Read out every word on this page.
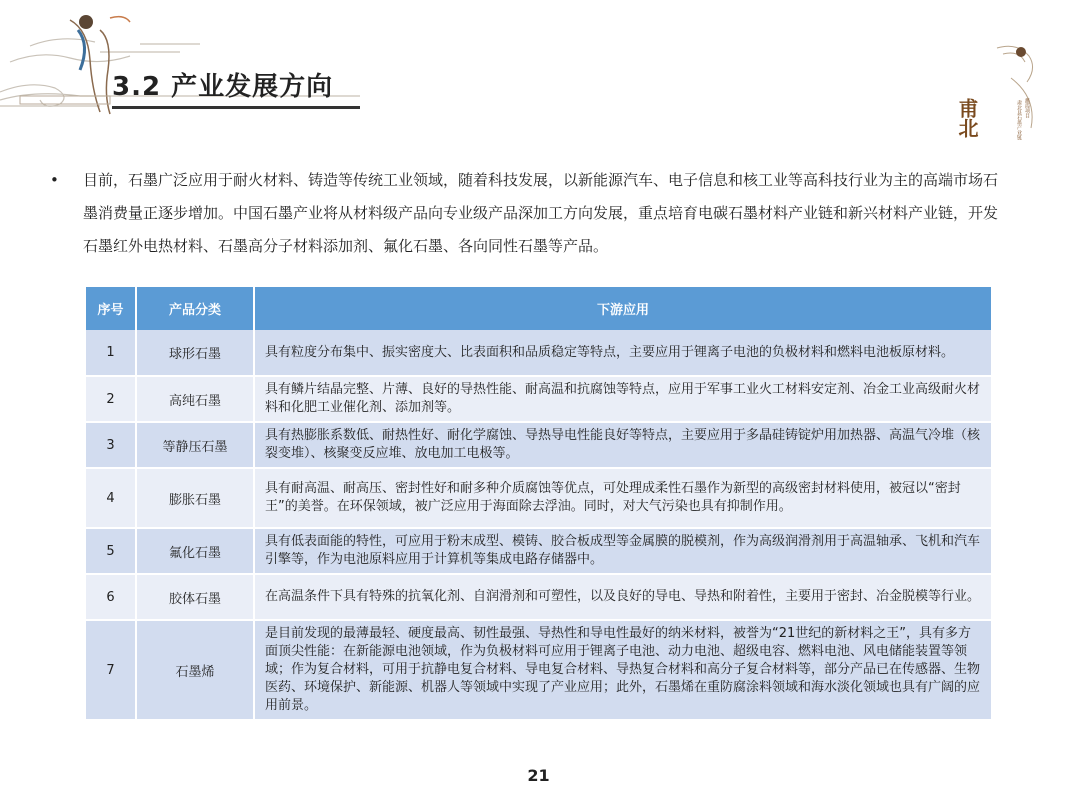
3.2 产业发展方向
甫北	雒霞项目
肃北县石墨产业链
• 目前，石墨广泛应用于耐火材料、铸造等传统工业领域，随着科技发展，以新能源汽车、电子信息和核工业等高科技行业为主的高端市场石墨消费量正逐步增加。中国石墨产业将从材料级产品向专业级产品深加工方向发展，重点培育电碳石墨材料产业链和新兴材料产业链，开发石墨红外电热材料、石墨高分子材料添加剂、氟化石墨、各向同性石墨等产品。
序号	产品分类	下游应用
1	球形石墨	具有粒度分布集中、振实密度大、比表面积和品质稳定等特点，主要应用于锂离子电池的负极材料和燃料电池板原材料。
2	高纯石墨	具有鳞片结晶完整、片薄、良好的导热性能、耐高温和抗腐蚀等特点，应用于军事工业火工材料安定剂、冶金工业高级耐火材料和化肥工业催化剂、添加剂等。
3	等静压石墨	具有热膨胀系数低、耐热性好、耐化学腐蚀、导热导电性能良好等特点，主要应用于多晶硅铸锭炉用加热器、高温气冷堆（核裂变堆）、核聚变反应堆、放电加工电极等。
4	膨胀石墨	具有耐高温、耐高压、密封性好和耐多种介质腐蚀等优点，可处理成柔性石墨作为新型的高级密封材料使用，被冠以“密封王”的美誉。在环保领域，被广泛应用于海面除去浮油。同时，对大气污染也具有抑制作用。
5	氟化石墨	具有低表面能的特性，可应用于粉末成型、模铸、胶合板成型等金属膜的脱模剂，作为高级润滑剂用于高温轴承、飞机和汽车引擎等，作为电池原料应用于计算机等集成电路存储器中。
6	胶体石墨	在高温条件下具有特殊的抗氧化剂、自润滑剂和可塑性，以及良好的导电、导热和附着性，主要用于密封、冶金脱模等行业。
7	石墨烯	是目前发现的最薄最轻、硬度最高、韧性最强、导热性和导电性最好的纳米材料，被誉为“21世纪的新材料之王”，具有多方面顶尖性能：在新能源电池领域，作为负极材料可应用于锂离子电池、动力电池、超级电容、燃料电池、风电储能装置等领域；作为复合材料，可用于抗静电复合材料、导电复合材料、导热复合材料和高分子复合材料等，部分产品已在传感器、生物医药、环境保护、新能源、机器人等领域中实现了产业应用；此外，石墨烯在重防腐涂料领域和海水淡化领域也具有广阔的应用前景。
21
